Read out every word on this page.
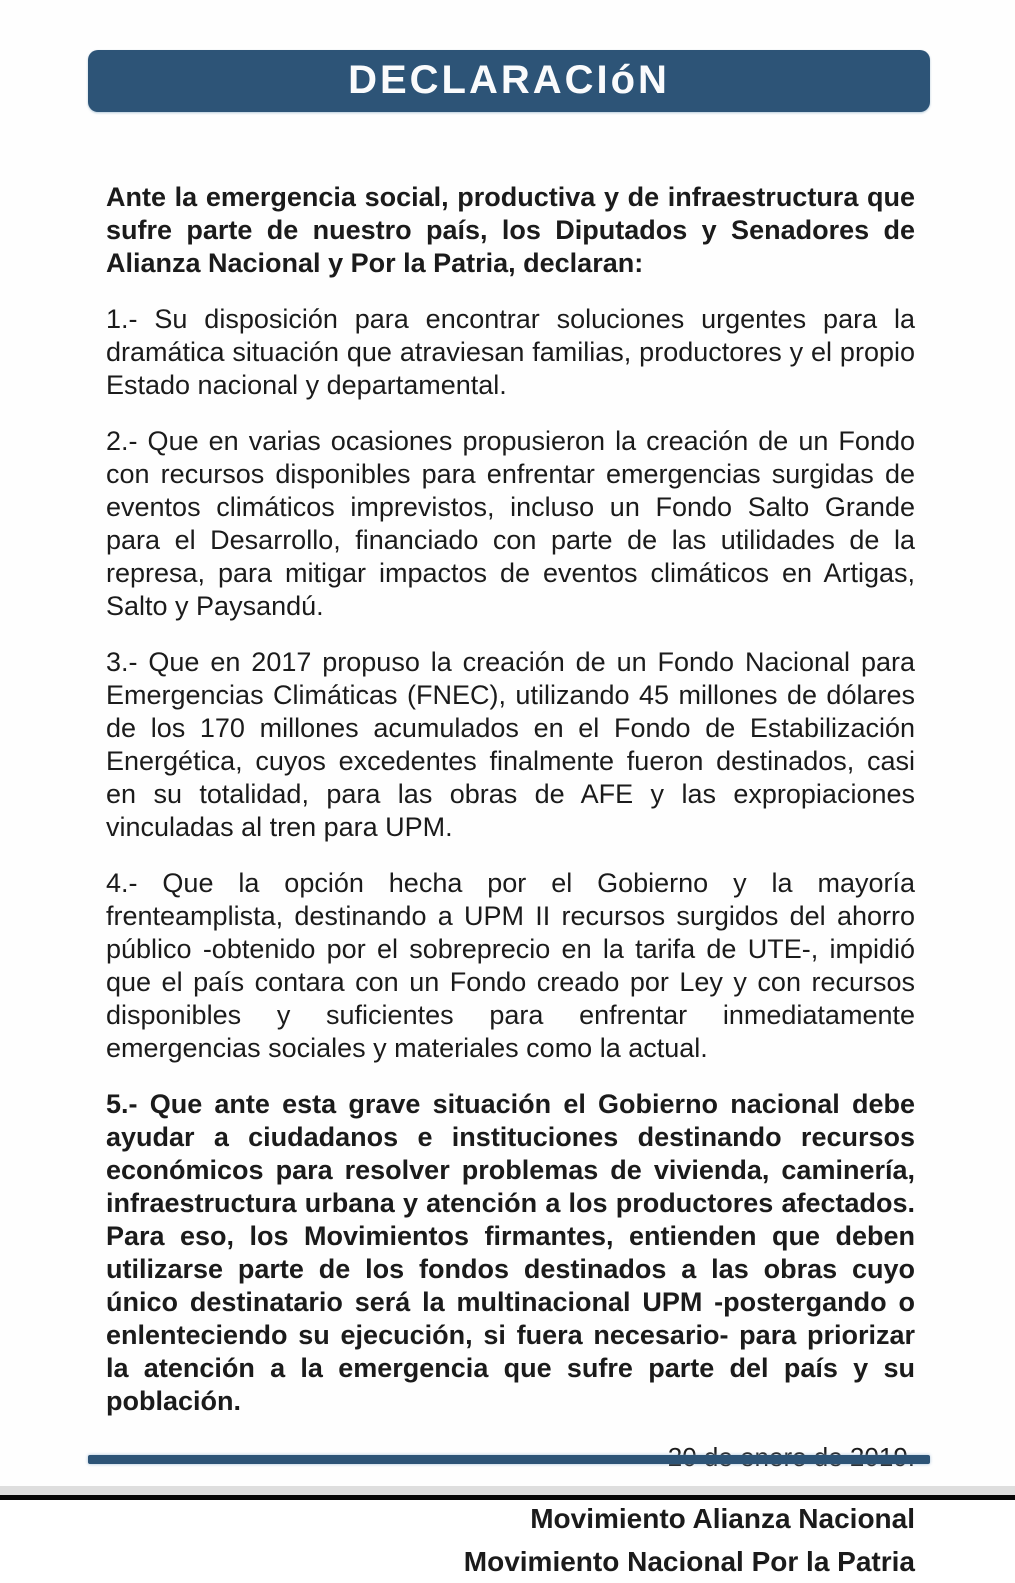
DECLARACIóN

Ante la emergencia social, productiva y de infraestructura que sufre parte de nuestro país, los Diputados y Senadores de Alianza Nacional y Por la Patria, declaran:

1.- Su disposición para encontrar soluciones urgentes para la dramática situación que atraviesan familias, productores y el propio Estado nacional y departamental.

2.- Que en varias ocasiones propusieron la creación de un Fondo con recursos disponibles para enfrentar emergencias surgidas de eventos climáticos imprevistos, incluso un Fondo Salto Grande para el Desarrollo, financiado con parte de las utilidades de la represa, para mitigar impactos de eventos climáticos en Artigas, Salto y Paysandú.

3.- Que en 2017 propuso la creación de un Fondo Nacional para Emergencias Climáticas (FNEC), utilizando 45 millones de dólares de los 170 millones acumulados en el Fondo de Estabilización Energética, cuyos excedentes finalmente fueron destinados, casi en su totalidad, para las obras de AFE y las expropiaciones vinculadas al tren para UPM.

4.- Que la opción hecha por el Gobierno y la mayoría frenteamplista, destinando a UPM II recursos surgidos del ahorro público -obtenido por el sobreprecio en la tarifa de UTE-, impidió que el país contara con un Fondo creado por Ley y con recursos disponibles y suficientes para enfrentar inmediatamente emergencias sociales y materiales como la actual.

5.- Que ante esta grave situación el Gobierno nacional debe ayudar a ciudadanos e instituciones destinando recursos económicos para resolver problemas de vivienda, caminería, infraestructura urbana y atención a los productores afectados. Para eso, los Movimientos firmantes, entienden que deben utilizarse parte de los fondos destinados a las obras cuyo único destinatario será la multinacional UPM -postergando o enlenteciendo su ejecución, si fuera necesario- para priorizar la atención a la emergencia que sufre parte del país y su población.

Movimiento Alianza Nacional
Movimiento Nacional Por la Patria
